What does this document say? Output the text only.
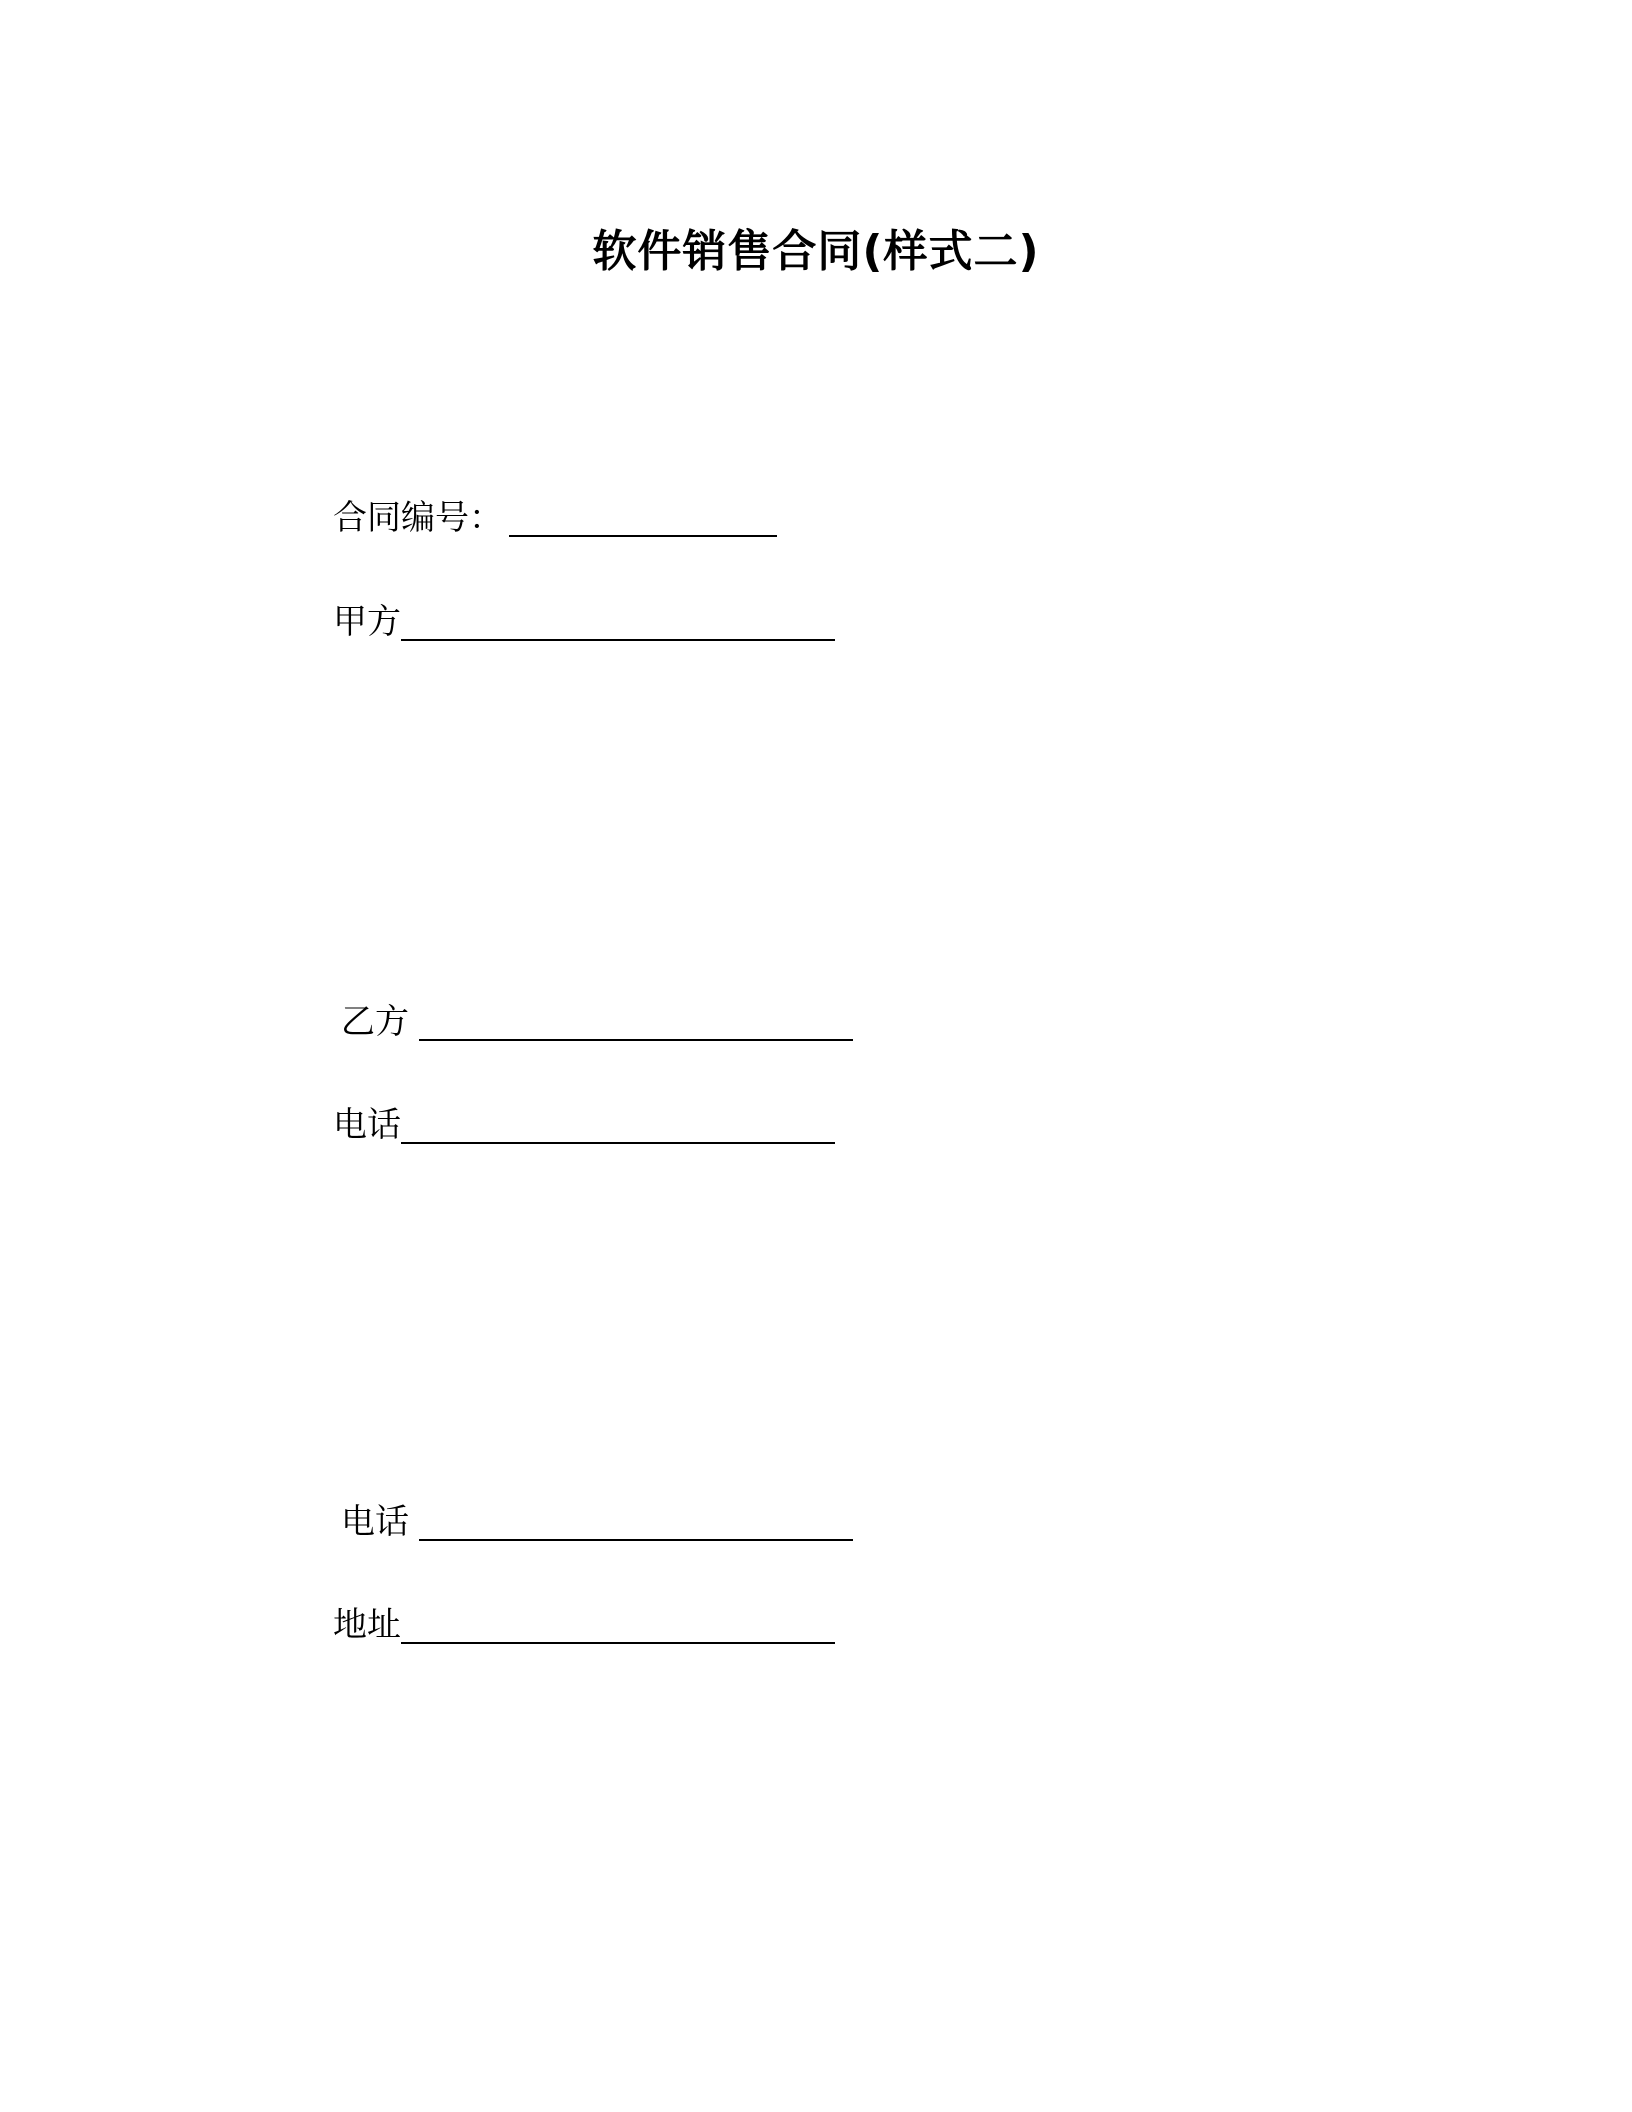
软件销售合同(样式二)
合同编号：
甲方
乙方
电话
电话
地址
